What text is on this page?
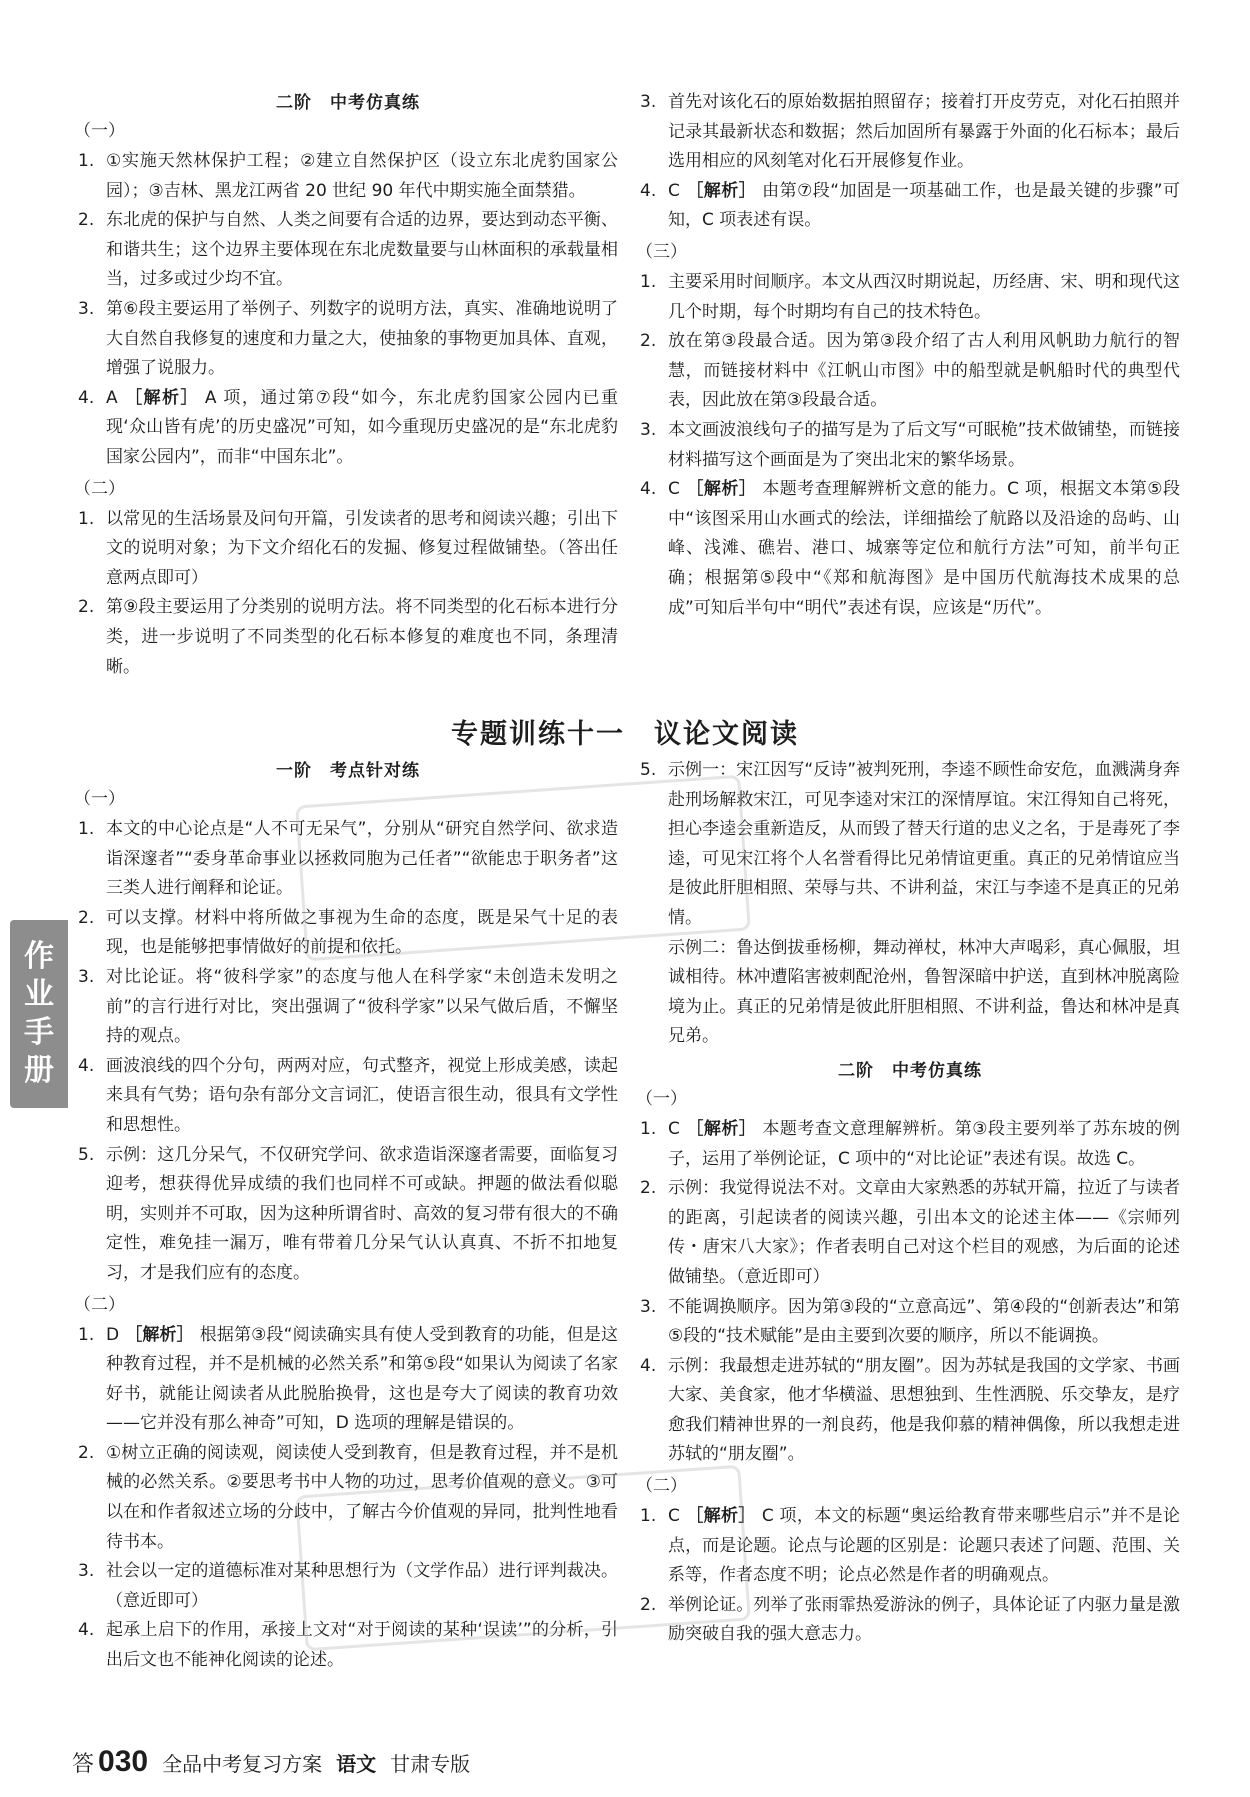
二阶　中考仿真练
（一）
1. ①实施天然林保护工程；②建立自然保护区（设立东北虎豹国家公园）；③吉林、黑龙江两省 20 世纪 90 年代中期实施全面禁猎。
2. 东北虎的保护与自然、人类之间要有合适的边界，要达到动态平衡、和谐共生；这个边界主要体现在东北虎数量要与山林面积的承载量相当，过多或过少均不宜。
3. 第⑥段主要运用了举例子、列数字的说明方法，真实、准确地说明了大自然自我修复的速度和力量之大，使抽象的事物更加具体、直观，增强了说服力。
4. A ［解析］ A 项，通过第⑦段“如今，东北虎豹国家公园内已重现‘众山皆有虎’的历史盛况”可知，如今重现历史盛况的是“东北虎豹国家公园内”，而非“中国东北”。
（二）
1. 以常见的生活场景及问句开篇，引发读者的思考和阅读兴趣；引出下文的说明对象；为下文介绍化石的发掘、修复过程做铺垫。（答出任意两点即可）
2. 第⑨段主要运用了分类别的说明方法。将不同类型的化石标本进行分类，进一步说明了不同类型的化石标本修复的难度也不同，条理清晰。
3. 首先对该化石的原始数据拍照留存；接着打开皮劳克，对化石拍照并记录其最新状态和数据；然后加固所有暴露于外面的化石标本；最后选用相应的风刻笔对化石开展修复作业。
4. C ［解析］ 由第⑦段“加固是一项基础工作，也是最关键的步骤”可知，C 项表述有误。
（三）
1. 主要采用时间顺序。本文从西汉时期说起，历经唐、宋、明和现代这几个时期，每个时期均有自己的技术特色。
2. 放在第③段最合适。因为第③段介绍了古人利用风帆助力航行的智慧，而链接材料中《江帆山市图》中的船型就是帆船时代的典型代表，因此放在第③段最合适。
3. 本文画波浪线句子的描写是为了后文写“可眠桅”技术做铺垫，而链接材料描写这个画面是为了突出北宋的繁华场景。
4. C ［解析］ 本题考查理解辨析文意的能力。C 项，根据文本第⑤段中“该图采用山水画式的绘法，详细描绘了航路以及沿途的岛屿、山峰、浅滩、礁岩、港口、城寨等定位和航行方法”可知，前半句正确；根据第⑤段中“《郑和航海图》是中国历代航海技术成果的总成”可知后半句中“明代”表述有误，应该是“历代”。
专题训练十一　议论文阅读
一阶　考点针对练
（一）
1. 本文的中心论点是“人不可无呆气”，分别从“研究自然学问、欲求造诣深邃者”“委身革命事业以拯救同胞为己任者”“欲能忠于职务者”这三类人进行阐释和论证。
2. 可以支撑。材料中将所做之事视为生命的态度，既是呆气十足的表现，也是能够把事情做好的前提和依托。
3. 对比论证。将“彼科学家”的态度与他人在科学家“未创造未发明之前”的言行进行对比，突出强调了“彼科学家”以呆气做后盾，不懈坚持的观点。
4. 画波浪线的四个分句，两两对应，句式整齐，视觉上形成美感，读起来具有气势；语句杂有部分文言词汇，使语言很生动，很具有文学性和思想性。
5. 示例：这几分呆气，不仅研究学问、欲求造诣深邃者需要，面临复习迎考，想获得优异成绩的我们也同样不可或缺。押题的做法看似聪明，实则并不可取，因为这种所谓省时、高效的复习带有很大的不确定性，难免挂一漏万，唯有带着几分呆气认认真真、不折不扣地复习，才是我们应有的态度。
（二）
1. D ［解析］ 根据第③段“阅读确实具有使人受到教育的功能，但是这种教育过程，并不是机械的必然关系”和第⑤段“如果认为阅读了名家好书，就能让阅读者从此脱胎换骨，这也是夸大了阅读的教育功效——它并没有那么神奇”可知，D 选项的理解是错误的。
2. ①树立正确的阅读观，阅读使人受到教育，但是教育过程，并不是机械的必然关系。②要思考书中人物的功过，思考价值观的意义。③可以在和作者叙述立场的分歧中，了解古今价值观的异同，批判性地看待书本。
3. 社会以一定的道德标准对某种思想行为（文学作品）进行评判裁决。（意近即可）
4. 起承上启下的作用，承接上文对“对于阅读的某种‘误读’”的分析，引出后文也不能神化阅读的论述。
5. 示例一：宋江因写“反诗”被判死刑，李逵不顾性命安危，血溅满身奔赴刑场解救宋江，可见李逵对宋江的深情厚谊。宋江得知自己将死，担心李逵会重新造反，从而毁了替天行道的忠义之名，于是毒死了李逵，可见宋江将个人名誉看得比兄弟情谊更重。真正的兄弟情谊应当是彼此肝胆相照、荣辱与共、不讲利益，宋江与李逵不是真正的兄弟情。
示例二：鲁达倒拔垂杨柳，舞动禅杖，林冲大声喝彩，真心佩服，坦诚相待。林冲遭陷害被刺配沧州，鲁智深暗中护送，直到林冲脱离险境为止。真正的兄弟情是彼此肝胆相照、不讲利益，鲁达和林冲是真兄弟。
二阶　中考仿真练
（一）
1. C ［解析］ 本题考查文意理解辨析。第③段主要列举了苏东坡的例子，运用了举例论证，C 项中的“对比论证”表述有误。故选 C。
2. 示例：我觉得说法不对。文章由大家熟悉的苏轼开篇，拉近了与读者的距离，引起读者的阅读兴趣，引出本文的论述主体——《宗师列传・唐宋八大家》；作者表明自己对这个栏目的观感，为后面的论述做铺垫。（意近即可）
3. 不能调换顺序。因为第③段的“立意高远”、第④段的“创新表达”和第⑤段的“技术赋能”是由主要到次要的顺序，所以不能调换。
4. 示例：我最想走进苏轼的“朋友圈”。因为苏轼是我国的文学家、书画大家、美食家，他才华横溢、思想独到、生性洒脱、乐交挚友，是疗愈我们精神世界的一剂良药，他是我仰慕的精神偶像，所以我想走进苏轼的“朋友圈”。
（二）
1. C ［解析］ C 项，本文的标题“奥运给教育带来哪些启示”并不是论点，而是论题。论点与论题的区别是：论题只表述了问题、范围、关系等，作者态度不明；论点必然是作者的明确观点。
2. 举例论证。列举了张雨霏热爱游泳的例子，具体论证了内驱力量是激励突破自我的强大意志力。
作
业
手
册
答 030 全品中考复习方案 语文 甘肃专版
